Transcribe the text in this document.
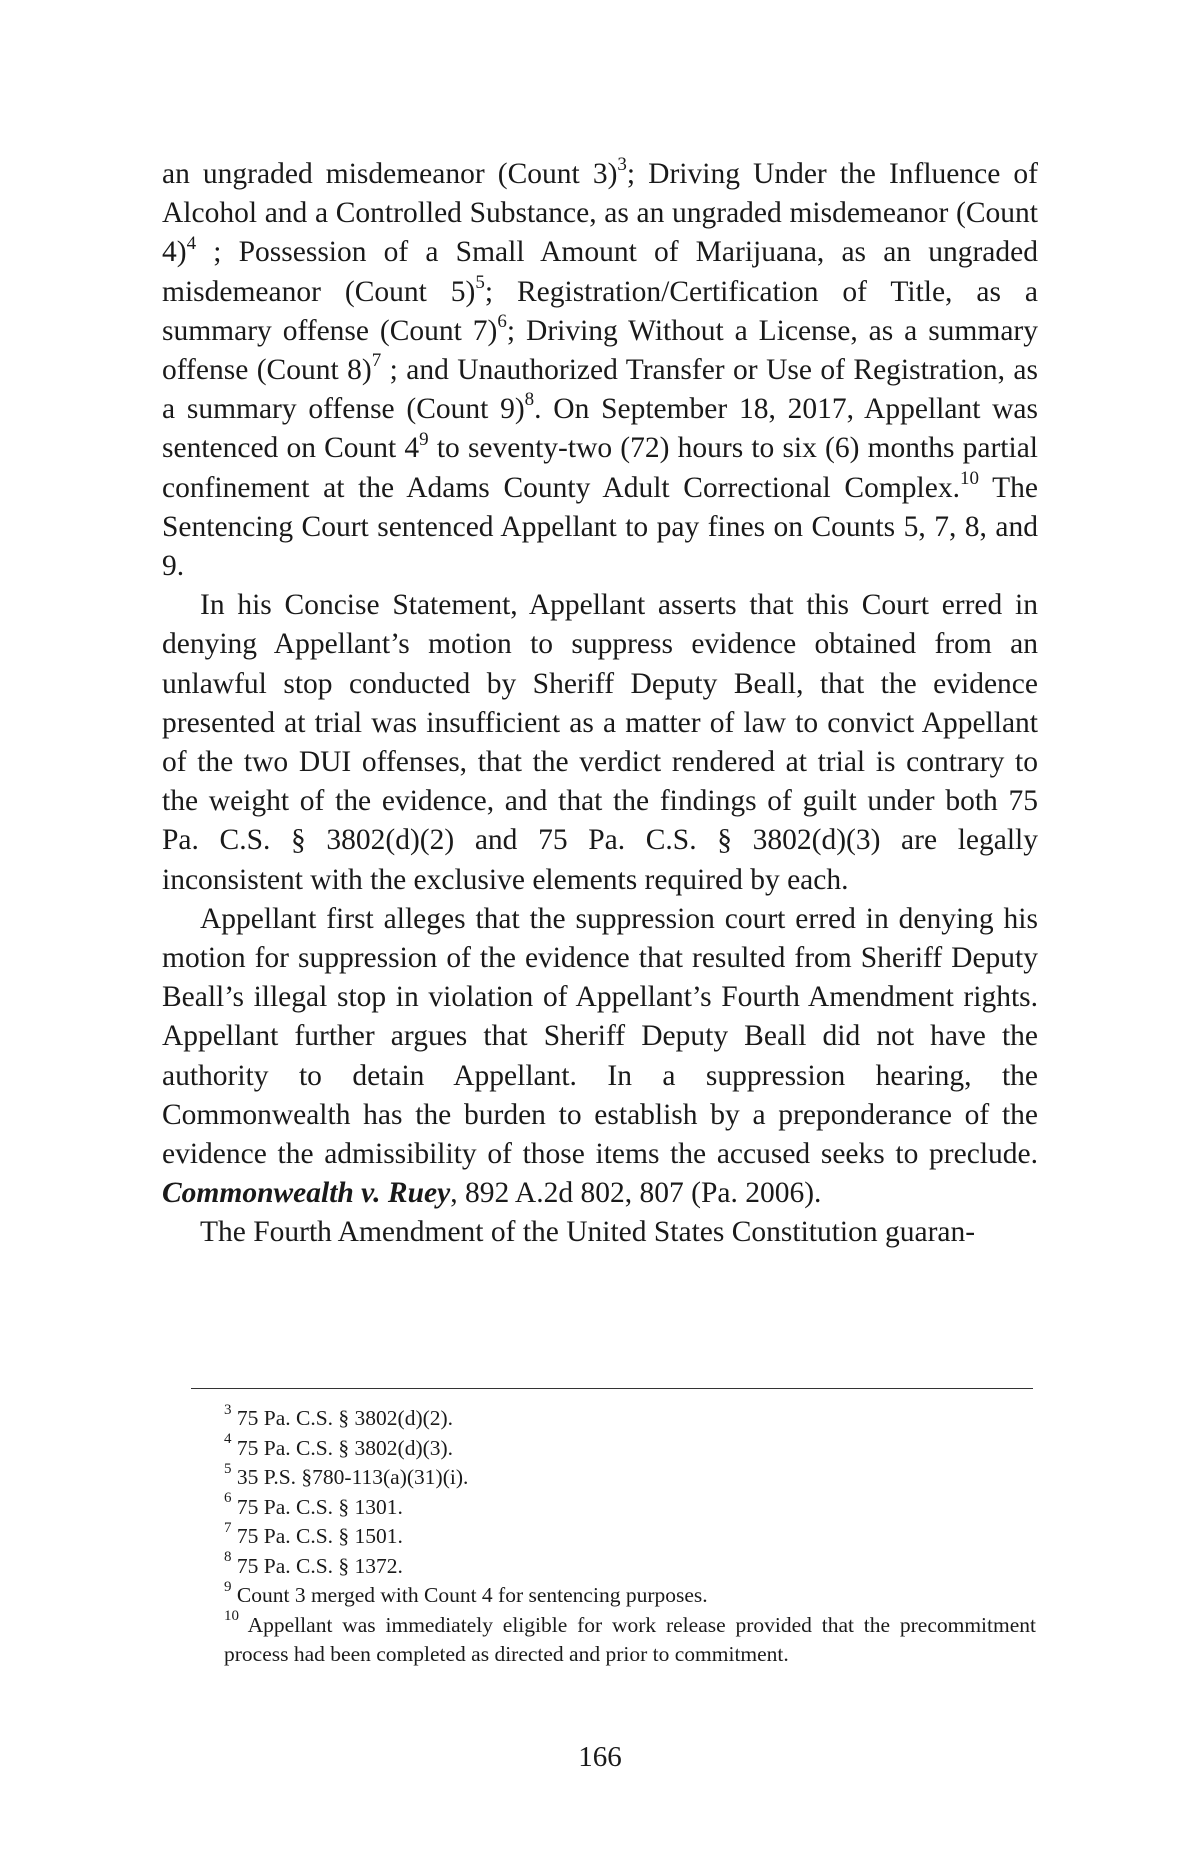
an ungraded misdemeanor (Count 3)$^3$; Driving Under the Influence of Alcohol and a Controlled Substance, as an ungraded misdemeanor (Count 4)$^4$ ; Possession of a Small Amount of Marijuana, as an ungraded misdemeanor (Count 5)$^5$; Registration/Certification of Title, as a summary offense (Count 7)$^6$; Driving Without a License, as a summary offense (Count 8)$^7$ ; and Unauthorized Transfer or Use of Registration, as a summary offense (Count 9)$^8$. On September 18, 2017, Appellant was sentenced on Count $4^9$ to seventy-two (72) hours to six (6) months partial confinement at the Adams County Adult Correctional Complex.$^{10}$ The Sentencing Court sentenced Appellant to pay fines on Counts 5, 7, 8, and 9.

In his Concise Statement, Appellant asserts that this Court erred in denying Appellant’s motion to suppress evidence obtained from an unlawful stop conducted by Sheriff Deputy Beall, that the evidence presented at trial was insufficient as a matter of law to convict Appellant of the two DUI offenses, that the verdict rendered at trial is contrary to the weight of the evidence, and that the findings of guilt under both 75 Pa. C.S. § 3802(d)(2) and 75 Pa. C.S. § 3802(d)(3) are legally inconsistent with the exclusive elements required by each.

Appellant first alleges that the suppression court erred in denying his motion for suppression of the evidence that resulted from Sheriff Deputy Beall’s illegal stop in violation of Appellant’s Fourth Amendment rights. Appellant further argues that Sheriff Deputy Beall did not have the authority to detain Appellant. In a suppression hearing, the Commonwealth has the burden to establish by a preponderance of the evidence the admissibility of those items the accused seeks to preclude. Commonwealth v. Ruey, 892 A.2d 802, 807 (Pa. 2006).

The Fourth Amendment of the United States Constitution guaran-

$^3$ 75 Pa. C.S. § 3802(d)(2).

$^4$ 75 Pa. C.S. § 3802(d)(3).

$^5$ 35 P.S. §780-113(a)(31)(i).

$^6$ 75 Pa. C.S. § 1301.

$^7$ 75 Pa. C.S. § 1501.

$^8$ 75 Pa. C.S. § 1372.

$^9$ Count 3 merged with Count 4 for sentencing purposes.

$^{10}$ Appellant was immediately eligible for work release provided that the precommitment process had been completed as directed and prior to commitment.

166
